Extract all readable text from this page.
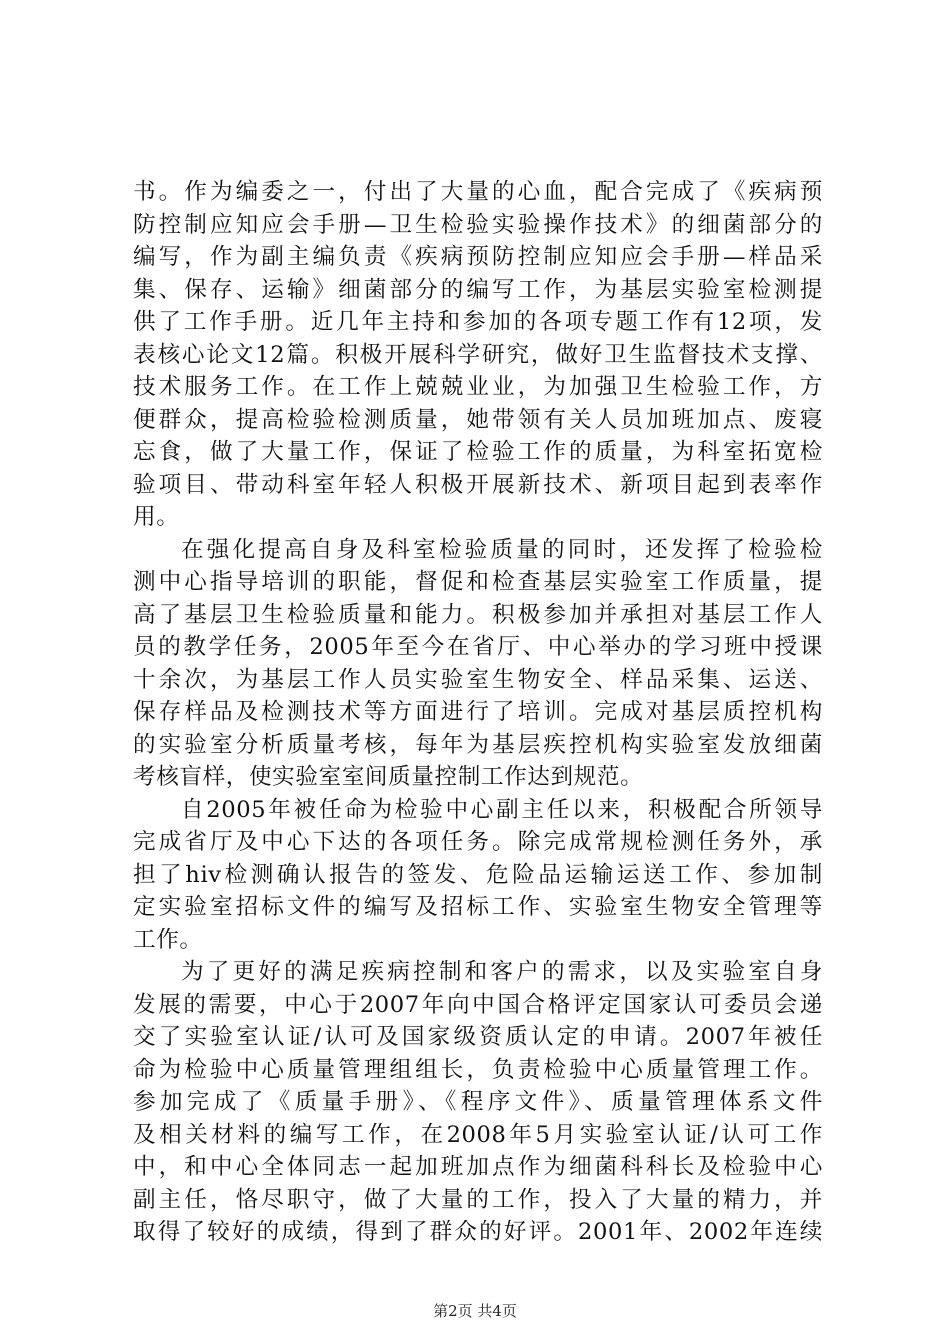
书。作为编委之一，付出了大量的心血，配合完成了《疾病预
防控制应知应会手册—卫生检验实验操作技术》的细菌部分的
编写，作为副主编负责《疾病预防控制应知应会手册—样品采
集、保存、运输》细菌部分的编写工作，为基层实验室检测提
供了工作手册。近几年主持和参加的各项专题工作有12项，发
表核心论文12篇。积极开展科学研究，做好卫生监督技术支撑、
技术服务工作。在工作上兢兢业业，为加强卫生检验工作，方
便群众，提高检验检测质量，她带领有关人员加班加点、废寝
忘食，做了大量工作，保证了检验工作的质量，为科室拓宽检
验项目、带动科室年轻人积极开展新技术、新项目起到表率作
用。
在强化提高自身及科室检验质量的同时，还发挥了检验检
测中心指导培训的职能，督促和检查基层实验室工作质量，提
高了基层卫生检验质量和能力。积极参加并承担对基层工作人
员的教学任务，2005年至今在省厅、中心举办的学习班中授课
十余次，为基层工作人员实验室生物安全、样品采集、运送、
保存样品及检测技术等方面进行了培训。完成对基层质控机构
的实验室分析质量考核，每年为基层疾控机构实验室发放细菌
考核盲样，使实验室室间质量控制工作达到规范。
自2005年被任命为检验中心副主任以来，积极配合所领导
完成省厅及中心下达的各项任务。除完成常规检测任务外，承
担了hiv检测确认报告的签发、危险品运输运送工作、参加制
定实验室招标文件的编写及招标工作、实验室生物安全管理等
工作。
为了更好的满足疾病控制和客户的需求，以及实验室自身
发展的需要，中心于2007年向中国合格评定国家认可委员会递
交了实验室认证/认可及国家级资质认定的申请。2007年被任
命为检验中心质量管理组组长，负责检验中心质量管理工作。
参加完成了《质量手册》、《程序文件》、质量管理体系文件
及相关材料的编写工作，在2008年5月实验室认证/认可工作
中，和中心全体同志一起加班加点作为细菌科科长及检验中心
副主任，恪尽职守，做了大量的工作，投入了大量的精力，并
取得了较好的成绩，得到了群众的好评。2001年、2002年连续
第2页 共4页
